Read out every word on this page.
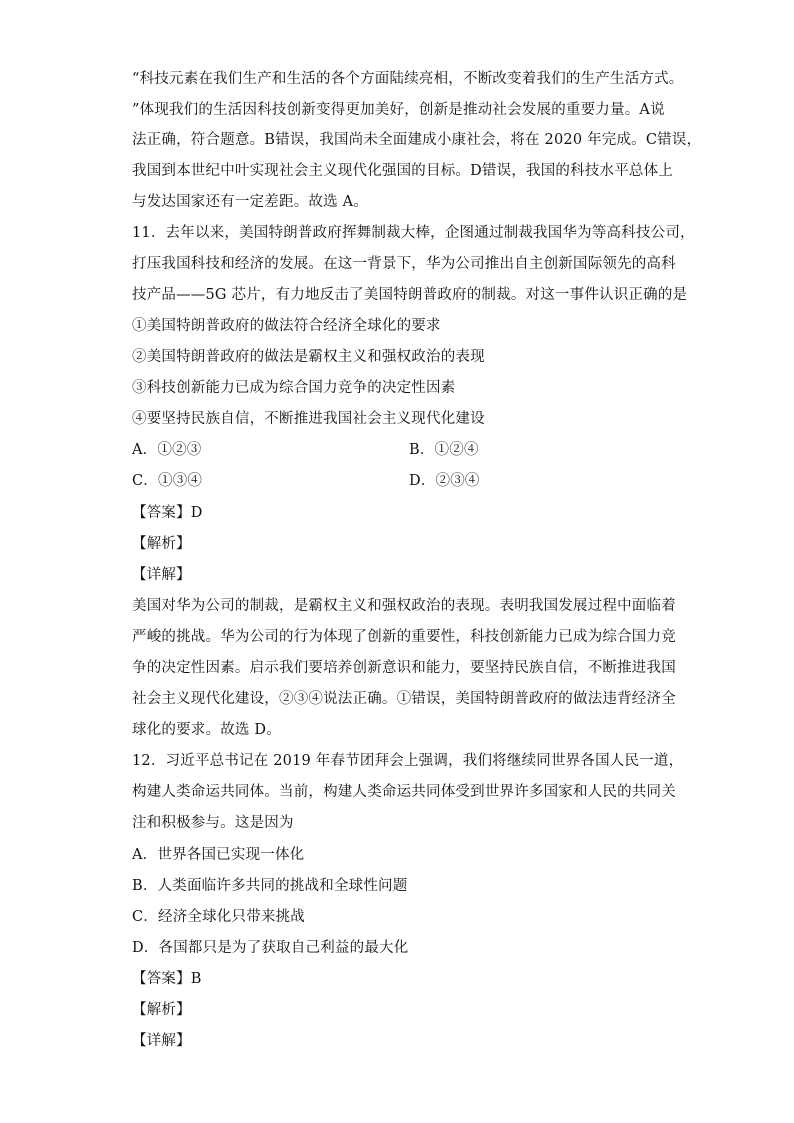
“科技元素在我们生产和生活的各个方面陆续亮相，不断改变着我们的生产生活方式。
”体现我们的生活因科技创新变得更加美好，创新是推动社会发展的重要力量。A说
法正确，符合题意。B错误，我国尚未全面建成小康社会，将在 2020 年完成。C错误，
我国到本世纪中叶实现社会主义现代化强国的目标。D错误，我国的科技水平总体上
与发达国家还有一定差距。故选 A。
11．去年以来，美国特朗普政府挥舞制裁大棒，企图通过制裁我国华为等高科技公司，
打压我国科技和经济的发展。在这一背景下，华为公司推出自主创新国际领先的高科
技产品——5G 芯片，有力地反击了美国特朗普政府的制裁。对这一事件认识正确的是
①美国特朗普政府的做法符合经济全球化的要求
②美国特朗普政府的做法是霸权主义和强权政治的表现
③科技创新能力已成为综合国力竞争的决定性因素
④要坚持民族自信，不断推进我国社会主义现代化建设
A．①②③	B．①②④
C．①③④	D．②③④
【答案】D
【解析】
【详解】
美国对华为公司的制裁，是霸权主义和强权政治的表现。表明我国发展过程中面临着
严峻的挑战。华为公司的行为体现了创新的重要性，科技创新能力已成为综合国力竞
争的决定性因素。启示我们要培养创新意识和能力，要坚持民族自信，不断推进我国
社会主义现代化建设，②③④说法正确。①错误，美国特朗普政府的做法违背经济全
球化的要求。故选 D。
12．习近平总书记在 2019 年春节团拜会上强调，我们将继续同世界各国人民一道，
构建人类命运共同体。当前，构建人类命运共同体受到世界许多国家和人民的共同关
注和积极参与。这是因为
A．世界各国已实现一体化
B．人类面临许多共同的挑战和全球性问题
C．经济全球化只带来挑战
D．各国都只是为了获取自己利益的最大化
【答案】B
【解析】
【详解】
